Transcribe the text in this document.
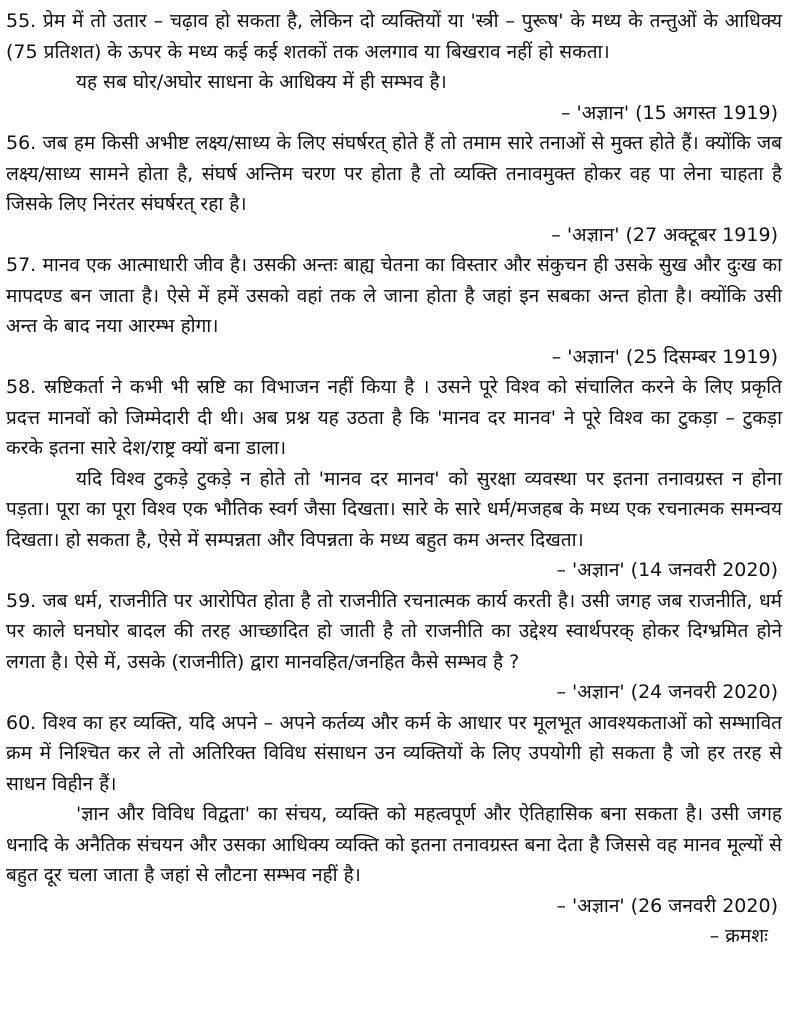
55. प्रेम में तो उतार – चढ़ाव हो सकता है, लेकिन दो व्यक्तियों या 'स्त्री – पुरूष' के मध्य के तन्तुओं के आधिक्य (75 प्रतिशत) के ऊपर के मध्य कई कई शतकों तक अलगाव या बिखराव नहीं हो सकता।

यह सब घोर/अघोर साधना के आधिक्य में ही सम्भव है।

– 'अज्ञान' (15 अगस्त 1919)

56. जब हम किसी अभीष्ट लक्ष्य/साध्य के लिए संघर्षरत् होते हैं तो तमाम सारे तनाओं से मुक्त होते हैं। क्योंकि जब लक्ष्य/साध्य सामने होता है, संघर्ष अन्तिम चरण पर होता है तो व्यक्ति तनावमुक्त होकर वह पा लेना चाहता है जिसके लिए निरंतर संघर्षरत् रहा है।

– 'अज्ञान' (27 अक्टूबर 1919)

57. मानव एक आत्माधारी जीव है। उसकी अन्तः बाह्य चेतना का विस्तार और संकुचन ही उसके सुख और दुःख का मापदण्ड बन जाता है। ऐसे में हमें उसको वहां तक ले जाना होता है जहां इन सबका अन्त होता है। क्योंकि उसी अन्त के बाद नया आरम्भ होगा।

– 'अज्ञान' (25 दिसम्बर 1919)

58. स्रष्टिकर्ता ने कभी भी स्रष्टि का विभाजन नहीं किया है । उसने पूरे विश्व को संचालित करने के लिए प्रकृति प्रदत्त मानवों को जिम्मेदारी दी थी। अब प्रश्न यह उठता है कि 'मानव दर मानव' ने पूरे विश्व का टुकड़ा – टुकड़ा करके इतना सारे देश/राष्ट्र क्यों बना डाला।

यदि विश्व टुकड़े टुकड़े न होते तो 'मानव दर मानव' को सुरक्षा व्यवस्था पर इतना तनावग्रस्त न होना पड़ता। पूरा का पूरा विश्व एक भौतिक स्वर्ग जैसा दिखता। सारे के सारे धर्म/मजहब के मध्य एक रचनात्मक समन्वय दिखता। हो सकता है, ऐसे में सम्पन्नता और विपन्नता के मध्य बहुत कम अन्तर दिखता।

– 'अज्ञान' (14 जनवरी 2020)

59. जब धर्म, राजनीति पर आरोपित होता है तो राजनीति रचनात्मक कार्य करती है। उसी जगह जब राजनीति, धर्म पर काले घनघोर बादल की तरह आच्छादित हो जाती है तो राजनीति का उद्देश्य स्वार्थपरक् होकर दिग्भ्रमित होने लगता है। ऐसे में, उसके (राजनीति) द्वारा मानवहित/जनहित कैसे सम्भव है ?

– 'अज्ञान' (24 जनवरी 2020)

60. विश्व का हर व्यक्ति, यदि अपने – अपने कर्तव्य और कर्म के आधार पर मूलभूत आवश्यकताओं को सम्भावित क्रम में निश्चित कर ले तो अतिरिक्त विविध संसाधन उन व्यक्तियों के लिए उपयोगी हो सकता है जो हर तरह से साधन विहीन हैं।

'ज्ञान और विविध विद्वता' का संचय, व्यक्ति को महत्वपूर्ण और ऐतिहासिक बना सकता है। उसी जगह धनादि के अनैतिक संचयन और उसका आधिक्य व्यक्ति को इतना तनावग्रस्त बना देता है जिससे वह मानव मूल्यों से बहुत दूर चला जाता है जहां से लौटना सम्भव नहीं है।

– 'अज्ञान' (26 जनवरी 2020)

– क्रमशः
